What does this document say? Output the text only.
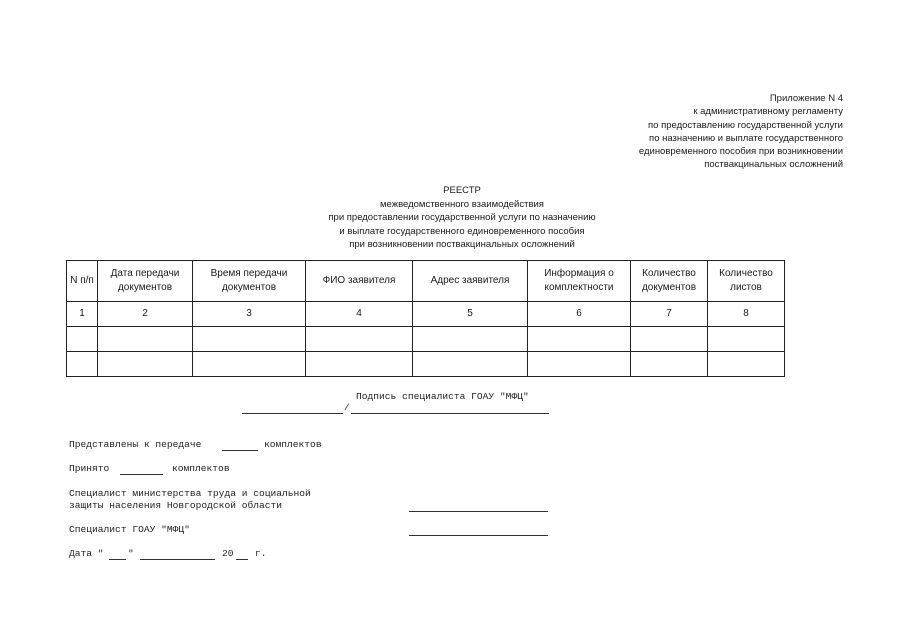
Приложение N 4
к административному регламенту
по предоставлению государственной услуги
по назначению и выплате государственного
единовременного пособия при возникновении
поствакцинальных осложнений
РЕЕСТР
межведомственного взаимодействия
при предоставлении государственной услуги по назначению
и выплате государственного единовременного пособия
при возникновении поствакцинальных осложнений
N п/п	Дата передачи документов	Время передачи документов	ФИО заявителя	Адрес заявителя	Информация о комплектности	Количество документов	Количество листов
1	2	3	4	5	6	7	8

Подпись специалиста ГОАУ "МФЦ"
/
Представлены к передаче	комплектов
Принято	комплектов
Специалист министерства труда и социальной
защиты населения Новгородской области
Специалист ГОАУ "МФЦ"
Дата "	"	20 г.
